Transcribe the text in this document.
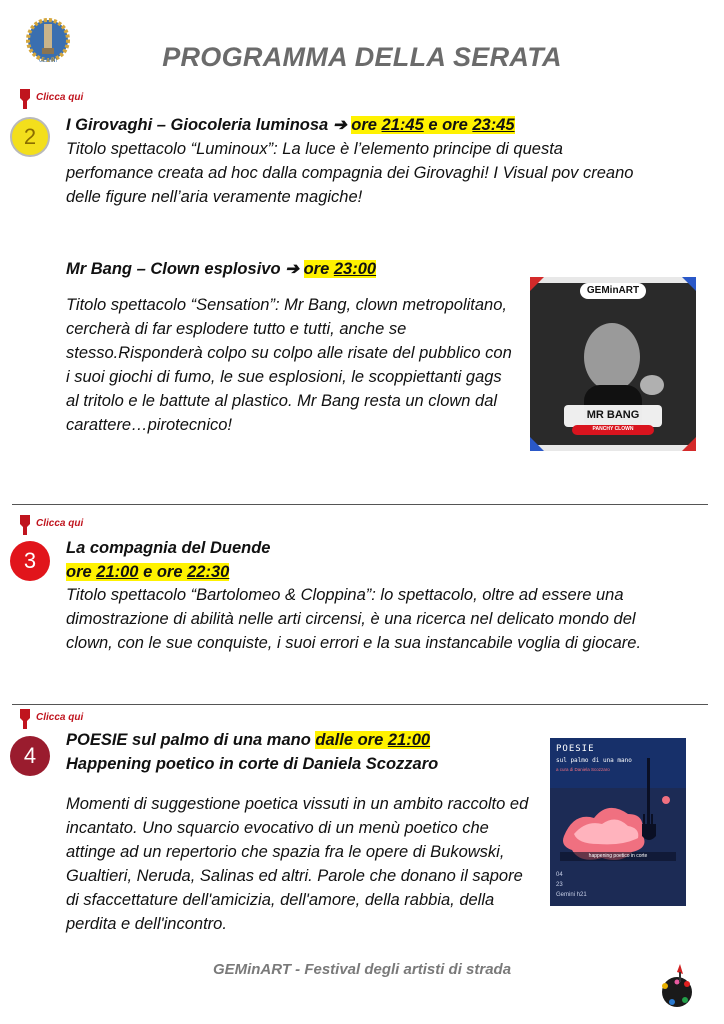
GEMINI	PROGRAMMA DELLA SERATA
Clicca qui
2	I Girovaghi – Giocoleria luminosa ➔ ore 21:45 e ore 23:45
Titolo spettacolo “Luminoux”: La luce è l’elemento principe di questa perfomance creata ad hoc dalla compagnia dei Girovaghi! I Visual pov creano delle figure nell’aria veramente magiche!
Mr Bang – Clown esplosivo ➔ ore 23:00
Titolo spettacolo “Sensation”: Mr Bang, clown metropolitano, cercherà di far esplodere tutto e tutti, anche se stesso.Risponderà colpo su colpo alle risate del pubblico con i suoi giochi di fumo, le sue esplosioni, le scoppiettanti gags al tritolo e le battute al plastico. Mr Bang resta un clown dal carattere…pirotecnico!
GEMinART
MR BANG
PANCHY CLOWN
Clicca qui
3	La compagnia del Duende
ore 21:00 e ore 22:30
Titolo spettacolo “Bartolomeo & Cloppina”: lo spettacolo, oltre ad essere una dimostrazione di abilità nelle arti circensi, è una ricerca nel delicato mondo del clown, con le sue conquiste, i suoi errori e la sua instancabile voglia di giocare.
Clicca qui
4
POESIE sul palmo di una mano dalle ore 21:00
Happening poetico in corte di Daniela Scozzaro
Momenti di suggestione poetica vissuti in un ambito raccolto ed incantato. Uno squarcio evocativo di un menù poetico che attinge ad un repertorio che spazia fra le opere di Bukowski, Gualtieri, Neruda, Salinas ed altri. Parole che donano il sapore di sfaccettature dell'amicizia, dell'amore, della rabbia, della perdita e dell'incontro.
POESIE
sul palmo di una mano
a cura di Daniela Scozzaro
happening poetico in corte
04
23
Gemini h21
GEMinART - Festival degli artisti di strada
